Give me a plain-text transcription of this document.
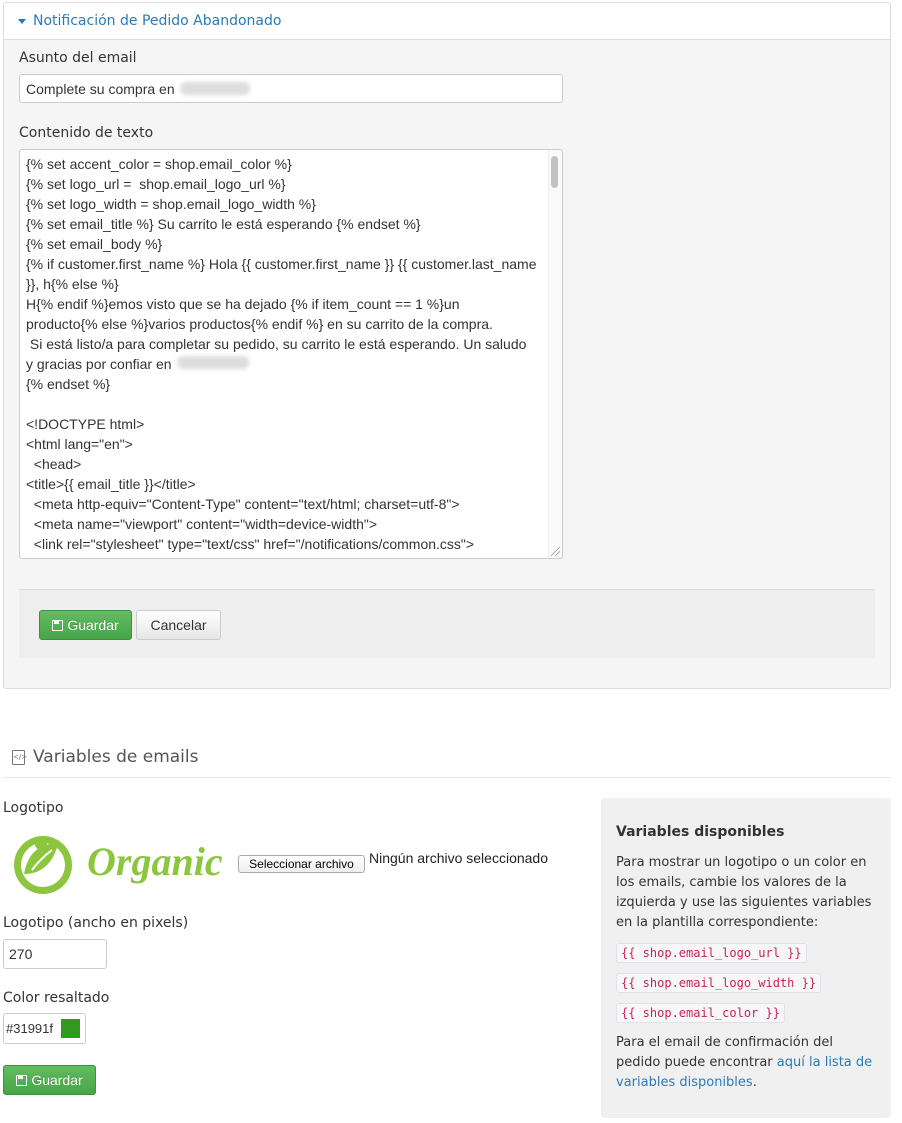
Notificación de Pedido Abandonado
Asunto del email
Complete su compra en
Contenido de texto
{% set accent_color = shop.email_color %}
{% set logo_url =  shop.email_logo_url %}
{% set logo_width = shop.email_logo_width %}
{% set email_title %} Su carrito le está esperando {% endset %}
{% set email_body %}
{% if customer.first_name %} Hola {{ customer.first_name }} {{ customer.last_name
}}, h{% else %}
H{% endif %}emos visto que se ha dejado {% if item_count == 1 %}un
producto{% else %}varios productos{% endif %} en su carrito de la compra.
Si está listo/a para completar su pedido, su carrito le está esperando. Un saludo
y gracias por confiar en
{% endset %}

<!DOCTYPE html>
<html lang="en">
<head>
<title>{{ email_title }}</title>
<meta http-equiv="Content-Type" content="text/html; charset=utf-8">
<meta name="viewport" content="width=device-width">
<link rel="stylesheet" type="text/css" href="/notifications/common.css">
Guardar Cancelar
</> Variables de emails
Logotipo
Organic Seleccionar archivo Ningún archivo seleccionado
Logotipo (ancho en pixels)
270
Color resaltado
#31991f
Guardar
Variables disponibles
Para mostrar un logotipo o un color en los emails, cambie los valores de la izquierda y use las siguientes variables en la plantilla correspondiente:
{{ shop.email_logo_url }}
{{ shop.email_logo_width }}
{{ shop.email_color }}
Para el email de confirmación del pedido puede encontrar aquí la lista de variables disponibles.
